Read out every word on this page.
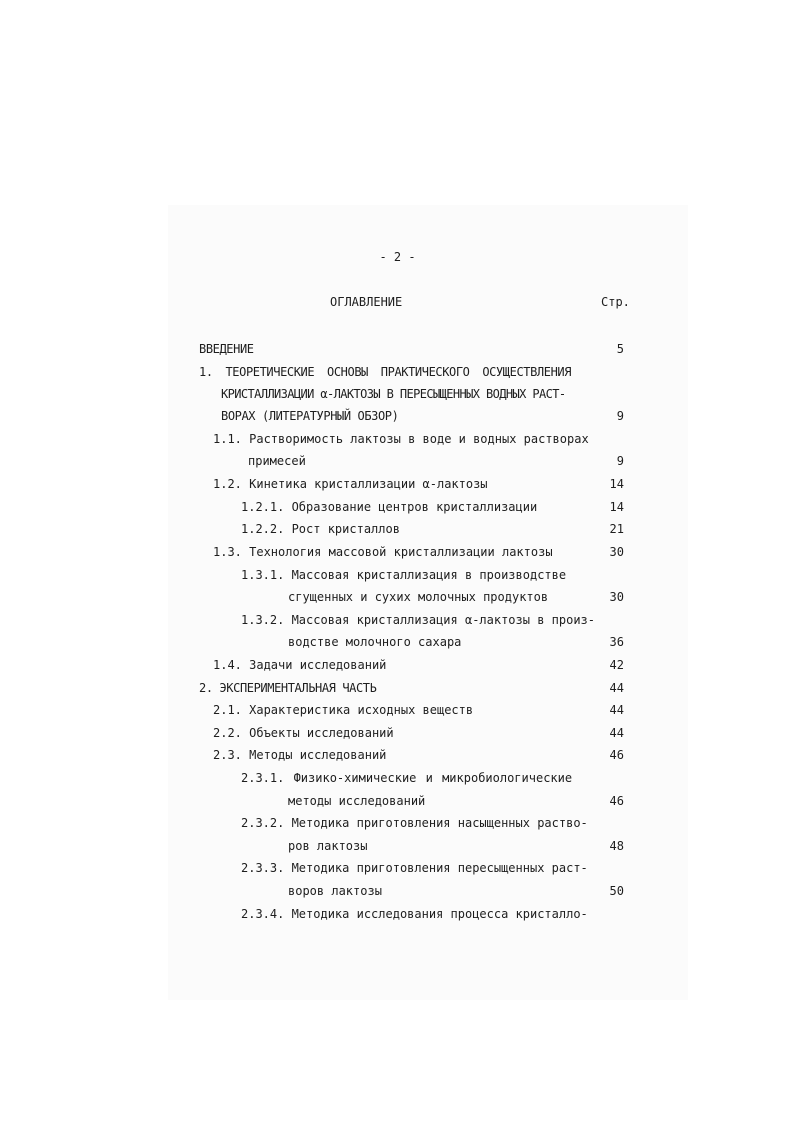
- 2 -
ОГЛАВЛЕНИЕ	Стр.
ВВЕДЕНИЕ	5
1. ТЕОРЕТИЧЕСКИЕ ОСНОВЫ ПРАКТИЧЕСКОГО ОСУЩЕСТВЛЕНИЯ
КРИСТАЛЛИЗАЦИИ α-ЛАКТОЗЫ В ПЕРЕСЫЩЕННЫХ ВОДНЫХ РАСТ-
ВОРАХ (ЛИТЕРАТУРНЫЙ ОБЗОР)	9
1.1. Растворимость лактозы в воде и водных растворах
примесей	9
1.2. Кинетика кристаллизации α-лактозы	14
1.2.1. Образование центров кристаллизации	14
1.2.2. Рост кристаллов	21
1.3. Технология массовой кристаллизации лактозы	30
1.3.1. Массовая кристаллизация в производстве
сгущенных и сухих молочных продуктов	30
1.3.2. Массовая кристаллизация α-лактозы в произ-
водстве молочного сахара	36
1.4. Задачи исследований	42
2. ЭКСПЕРИМЕНТАЛЬНАЯ ЧАСТЬ	44
2.1. Характеристика исходных веществ	44
2.2. Объекты исследований	44
2.3. Методы исследований	46
2.3.1. Физико-химические и микробиологические
методы исследований	46
2.3.2. Методика приготовления насыщенных раство-
ров лактозы	48
2.3.3. Методика приготовления пересыщенных раст-
воров лактозы	50
2.3.4. Методика исследования процесса кристалло-
